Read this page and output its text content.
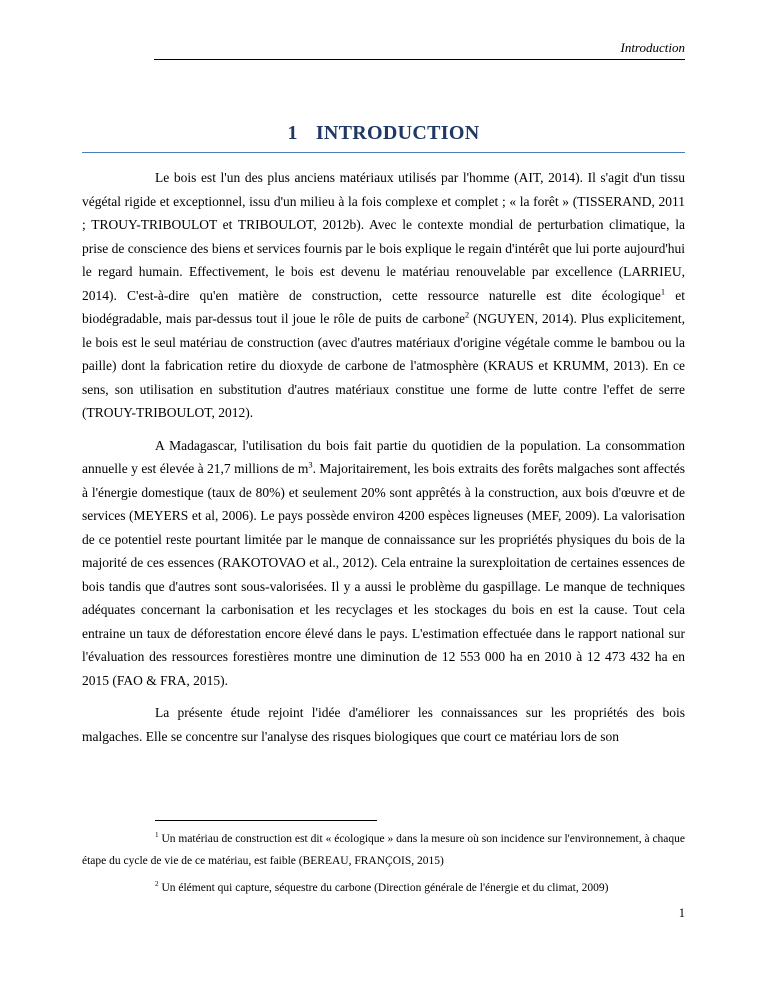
Introduction
1 INTRODUCTION

Le bois est l'un des plus anciens matériaux utilisés par l'homme (AIT, 2014). Il s'agit d'un tissu végétal rigide et exceptionnel, issu d'un milieu à la fois complexe et complet ; « la forêt » (TISSERAND, 2011 ; TROUY-TRIBOULOT et TRIBOULOT, 2012b). Avec le contexte mondial de perturbation climatique, la prise de conscience des biens et services fournis par le bois explique le regain d'intérêt que lui porte aujourd'hui le regard humain. Effectivement, le bois est devenu le matériau renouvelable par excellence (LARRIEU, 2014). C'est-à-dire qu'en matière de construction, cette ressource naturelle est dite écologique$^1$ et biodégradable, mais par-dessus tout il joue le rôle de puits de carbone$^2$ (NGUYEN, 2014). Plus explicitement, le bois est le seul matériau de construction (avec d'autres matériaux d'origine végétale comme le bambou ou la paille) dont la fabrication retire du dioxyde de carbone de l'atmosphère (KRAUS et KRUMM, 2013). En ce sens, son utilisation en substitution d'autres matériaux constitue une forme de lutte contre l'effet de serre (TROUY-TRIBOULOT, 2012).

A Madagascar, l'utilisation du bois fait partie du quotidien de la population. La consommation annuelle y est élevée à 21,7 millions de $m^3$. Majoritairement, les bois extraits des forêts malgaches sont affectés à l'énergie domestique (taux de 80%) et seulement 20% sont apprêtés à la construction, aux bois d'œuvre et de services (MEYERS et al, 2006). Le pays possède environ 4200 espèces ligneuses (MEF, 2009). La valorisation de ce potentiel reste pourtant limitée par le manque de connaissance sur les propriétés physiques du bois de la majorité de ces essences (RAKOTOVAO et al., 2012). Cela entraine la surexploitation de certaines essences de bois tandis que d'autres sont sous-valorisées. Il y a aussi le problème du gaspillage. Le manque de techniques adéquates concernant la carbonisation et les recyclages et les stockages du bois en est la cause. Tout cela entraine un taux de déforestation encore élevé dans le pays. L'estimation effectuée dans le rapport national sur l'évaluation des ressources forestières montre une diminution de 12 553 000 ha en 2010 à 12 473 432 ha en 2015 (FAO & FRA, 2015).

La présente étude rejoint l'idée d'améliorer les connaissances sur les propriétés des bois malgaches. Elle se concentre sur l'analyse des risques biologiques que court ce matériau lors de son

$^1$ Un matériau de construction est dit « écologique » dans la mesure où son incidence sur l'environnement, à chaque étape du cycle de vie de ce matériau, est faible (BEREAU, FRANÇOIS, 2015)

$^2$ Un élément qui capture, séquestre du carbone (Direction générale de l'énergie et du climat, 2009)

1
